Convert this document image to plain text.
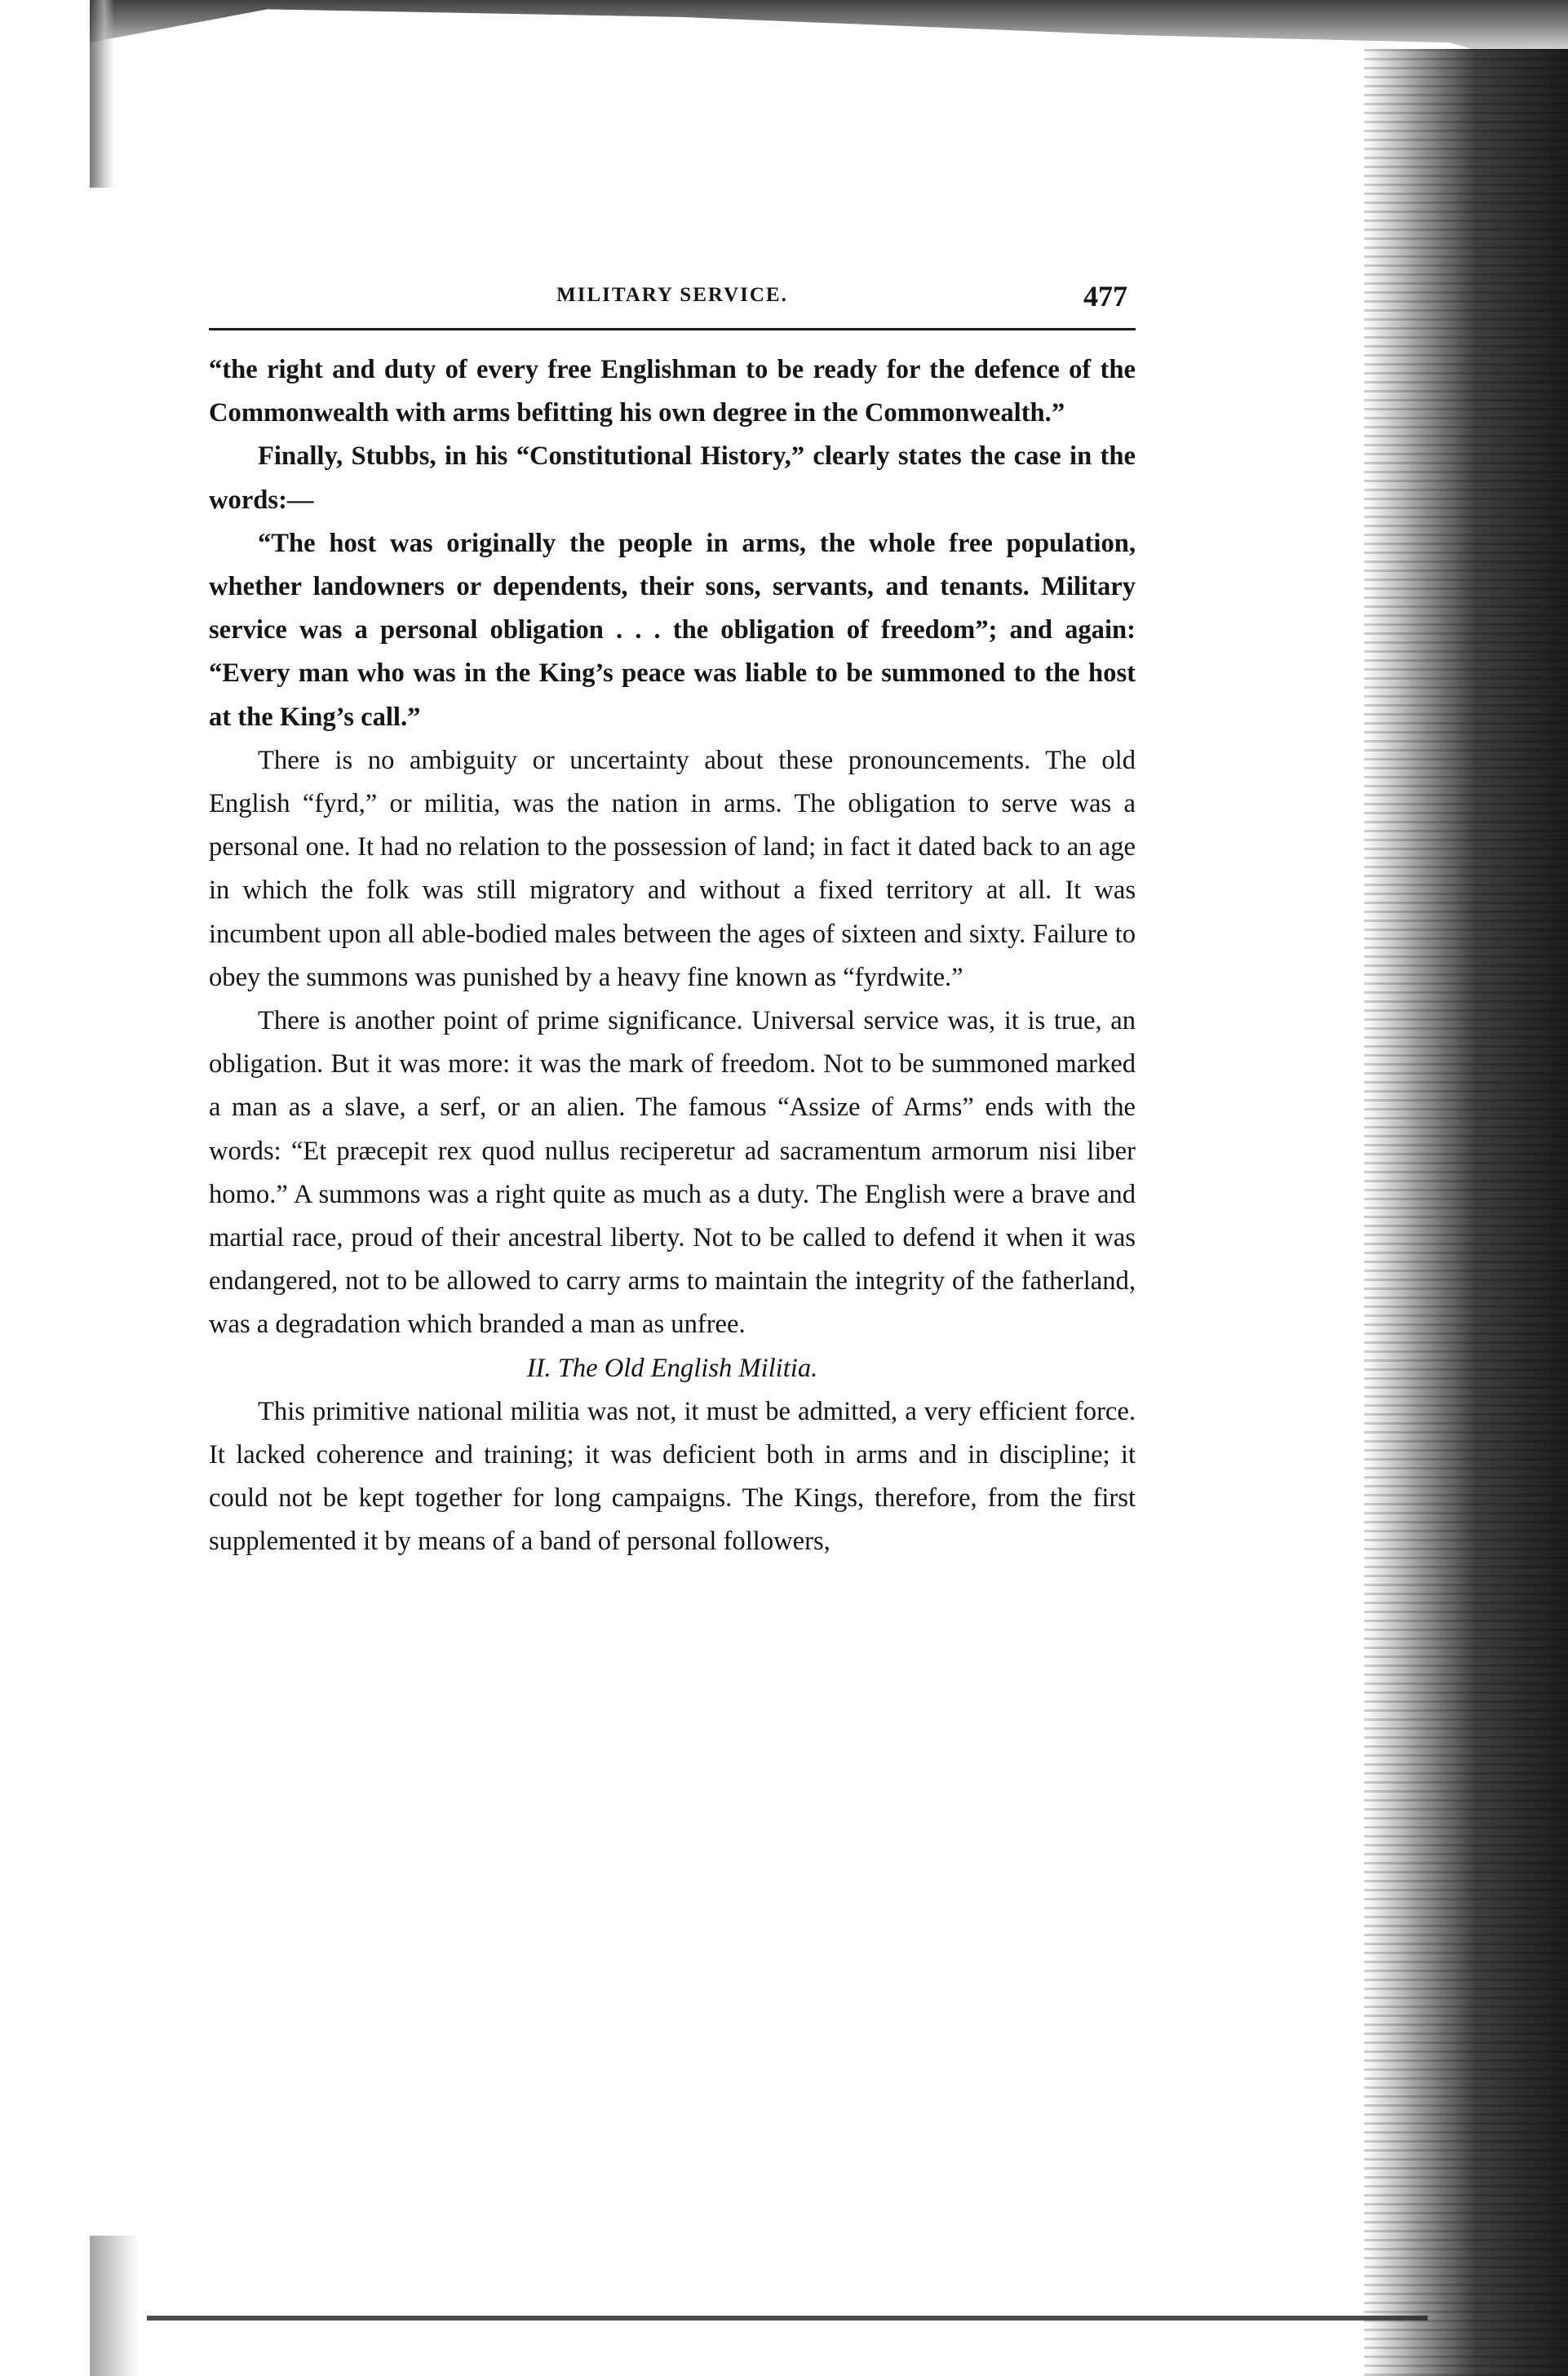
MILITARY SERVICE.	477

“the right and duty of every free Englishman to be ready for the defence of the Commonwealth with arms befitting his own degree in the Commonwealth.”

Finally, Stubbs, in his “Constitutional History,” clearly states the case in the words:—

“The host was originally the people in arms, the whole free population, whether landowners or dependents, their sons, servants, and tenants. Military service was a personal obligation . . . the obligation of freedom”; and again: “Every man who was in the King’s peace was liable to be summoned to the host at the King’s call.”

There is no ambiguity or uncertainty about these pronouncements. The old English “fyrd,” or militia, was the nation in arms. The obligation to serve was a personal one. It had no relation to the possession of land; in fact it dated back to an age in which the folk was still migratory and without a fixed territory at all. It was incumbent upon all able-bodied males between the ages of sixteen and sixty. Failure to obey the summons was punished by a heavy fine known as “fyrdwite.”

There is another point of prime significance. Universal service was, it is true, an obligation. But it was more: it was the mark of freedom. Not to be summoned marked a man as a slave, a serf, or an alien. The famous “Assize of Arms” ends with the words: “Et præcepit rex quod nullus reciperetur ad sacramentum armorum nisi liber homo.” A summons was a right quite as much as a duty. The English were a brave and martial race, proud of their ancestral liberty. Not to be called to defend it when it was endangered, not to be allowed to carry arms to maintain the integrity of the fatherland, was a degradation which branded a man as unfree.

II. The Old English Militia.

This primitive national militia was not, it must be admitted, a very efficient force. It lacked coherence and training; it was deficient both in arms and in discipline; it could not be kept together for long campaigns. The Kings, therefore, from the first supplemented it by means of a band of personal followers,
